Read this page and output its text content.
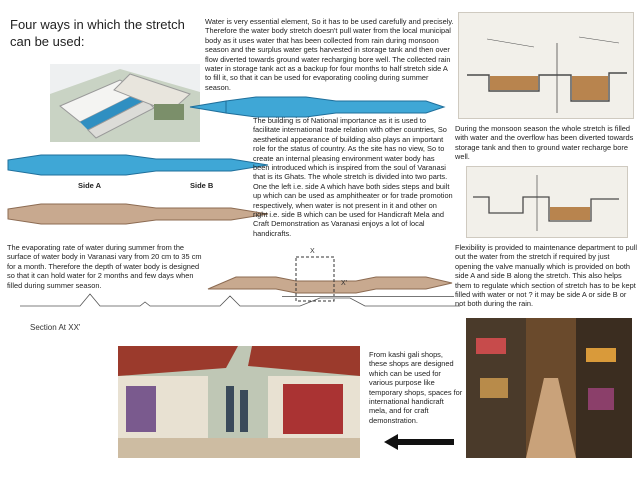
Four ways in which the stretch can be used:
Water is very essential element, So it has to be used carefully and precisely. Therefore the water body stretch doesn't pull water from the local municipal body as it uses water that has been collected from rain during monsoon season and the surplus water gets harvested in storage tank and then over flow diverted towards ground water recharging bore well. The collected rain water in storage tank act as a backup for four months to half stretch side A to fill it, so that it can be used for evaporating cooling during summer season.
Side A	Side B
X
X'
The building is of National importance as it is used to facilitate international trade relation with other countries, So aesthetical appearance of building also plays an important role for the status of country. As the site has no view, So to create an internal pleasing environment water body has been introduced which is inspired from the soul of Varanasi that is its Ghats. The whole stretch is divided into two parts. One the left i.e. side A which have both sides steps and built up which can be used as amphitheater or for trade promotion respectively, when water is not present in it and other on right i.e. side B which can be used for Handicraft Mela and Craft Demonstration as Varanasi enjoys a lot of local handicrafts.
During the monsoon season the whole stretch is filled with water and the overflow has been diverted towards storage tank and then to ground water recharge bore well.
The evaporating rate of water during summer from the surface of water body in Varanasi vary from 20 cm to 35 cm for a month. Therefore the depth of water body is designed so that it can hold water for 2 months and few days when filled during summer season.
Flexibility is provided to maintenance department to pull out the water from the stretch if required by just opening the valve manually which is provided on both side A and side B along the stretch. This also helps them to regulate which section of stretch has to be kept filled with water or not ? it may be side A or side B or not both during the rain.
Section At XX'
From kashi gali shops, these shops are designed which can be used for various purpose like temporary shops, spaces for international handicraft mela, and for craft demonstration.
